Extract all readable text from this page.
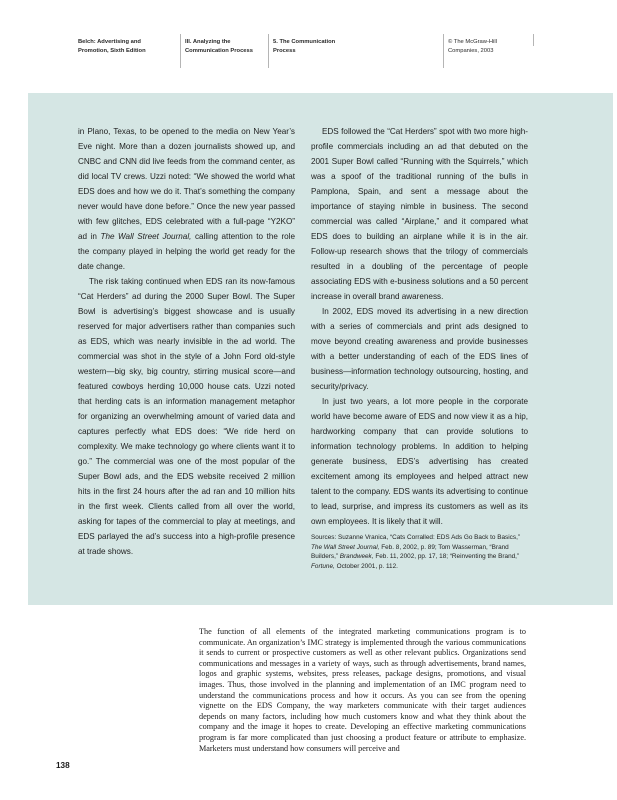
Belch: Advertising and
Promotion, Sixth Edition
III. Analyzing the
Communication Process
5. The Communication
Process
© The McGraw-Hill
Companies, 2003

in Plano, Texas, to be opened to the media on New Year’s Eve night. More than a dozen journalists showed up, and CNBC and CNN did live feeds from the command center, as did local TV crews. Uzzi noted: “We showed the world what EDS does and how we do it. That’s something the company never would have done before.” Once the new year passed with few glitches, EDS celebrated with a full-page “Y2KO” ad in The Wall Street Journal, calling attention to the role the company played in helping the world get ready for the date change.

The risk taking continued when EDS ran its now-famous “Cat Herders” ad during the 2000 Super Bowl. The Super Bowl is advertising’s biggest showcase and is usually reserved for major advertisers rather than companies such as EDS, which was nearly invisible in the ad world. The commercial was shot in the style of a John Ford old-style western—big sky, big country, stirring musical score—and featured cowboys herding 10,000 house cats. Uzzi noted that herding cats is an information management metaphor for organizing an overwhelming amount of varied data and captures perfectly what EDS does: “We ride herd on complexity. We make technology go where clients want it to go.” The commercial was one of the most popular of the Super Bowl ads, and the EDS website received 2 million hits in the first 24 hours after the ad ran and 10 million hits in the first week. Clients called from all over the world, asking for tapes of the commercial to play at meetings, and EDS parlayed the ad’s success into a high-profile presence at trade shows.

EDS followed the “Cat Herders” spot with two more high-profile commercials including an ad that debuted on the 2001 Super Bowl called “Running with the Squirrels,” which was a spoof of the traditional running of the bulls in Pamplona, Spain, and sent a message about the importance of staying nimble in business. The second commercial was called “Airplane,” and it compared what EDS does to building an airplane while it is in the air. Follow-up research shows that the trilogy of commercials resulted in a doubling of the percentage of people associating EDS with e-business solutions and a 50 percent increase in overall brand awareness.

In 2002, EDS moved its advertising in a new direction with a series of commercials and print ads designed to move beyond creating awareness and provide businesses with a better understanding of each of the EDS lines of business—information technology outsourcing, hosting, and security/privacy.

In just two years, a lot more people in the corporate world have become aware of EDS and now view it as a hip, hardworking company that can provide solutions to information technology problems. In addition to helping generate business, EDS’s advertising has created excitement among its employees and helped attract new talent to the company. EDS wants its advertising to continue to lead, surprise, and impress its customers as well as its own employees. It is likely that it will.

Sources: Suzanne Vranica, “Cats Corralled: EDS Ads Go Back to Basics,” The Wall Street Journal, Feb. 8, 2002, p. 89; Tom Wasserman, “Brand Builders,” Brandweek, Feb. 11, 2002, pp. 17, 18; “Reinventing the Brand,” Fortune, October 2001, p. 112.

The function of all elements of the integrated marketing communications program is to communicate. An organization’s IMC strategy is implemented through the various communications it sends to current or prospective customers as well as other relevant publics. Organizations send communications and messages in a variety of ways, such as through advertisements, brand names, logos and graphic systems, websites, press releases, package designs, promotions, and visual images. Thus, those involved in the planning and implementation of an IMC program need to understand the communications process and how it occurs. As you can see from the opening vignette on the EDS Company, the way marketers communicate with their target audiences depends on many factors, including how much customers know and what they think about the company and the image it hopes to create. Developing an effective marketing communications program is far more complicated than just choosing a product feature or attribute to emphasize. Marketers must understand how consumers will perceive and
138
